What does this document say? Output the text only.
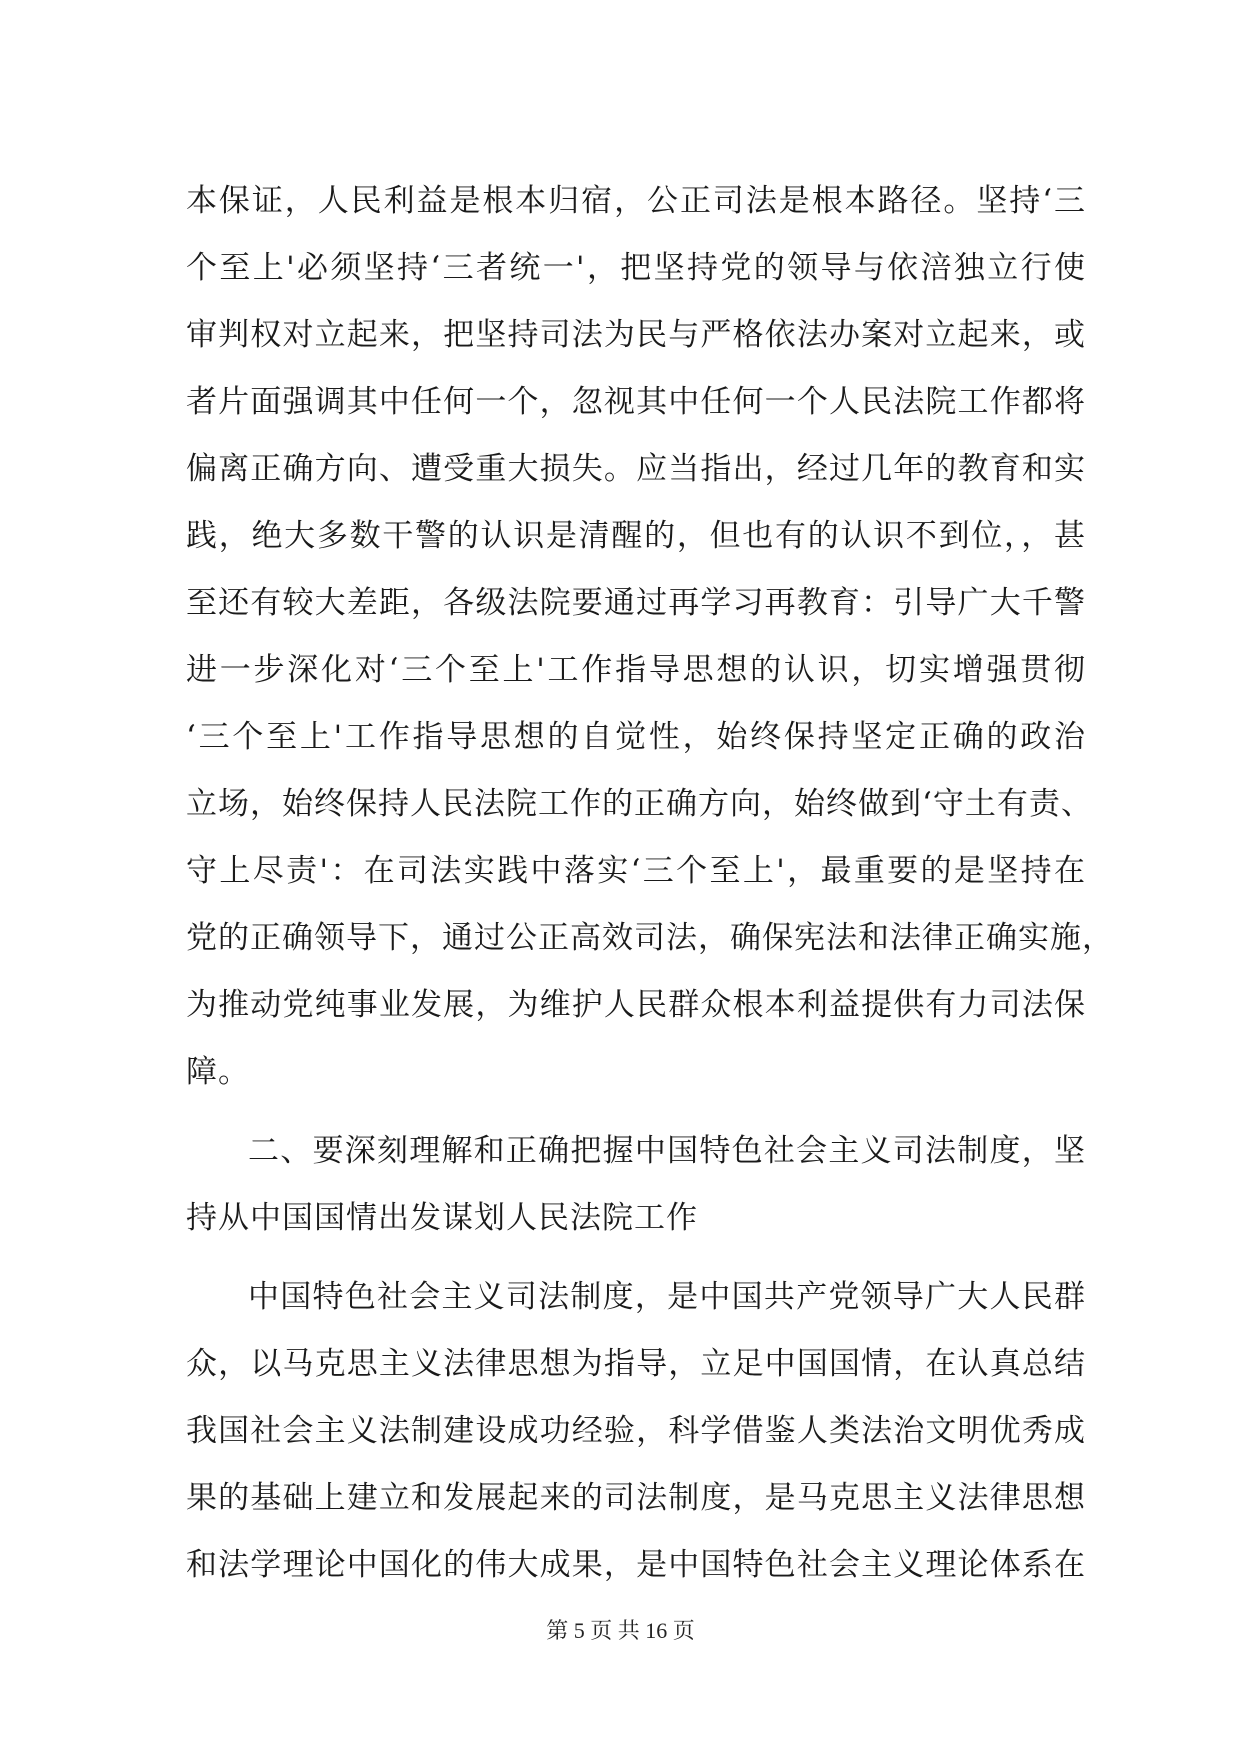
本保证，人民利益是根本归宿，公正司法是根本路径。坚持‘三
个至上'必须坚持‘三者统一'，把坚持党的领导与依涪独立行使
审判权对立起来，把坚持司法为民与严格依法办案对立起来，或
者片面强调其中任何一个，忽视其中任何一个人民法院工作都将
偏离正确方向、遭受重大损失。应当指出，经过几年的教育和实
践，绝大多数干警的认识是清醒的，但也有的认识不到位，，甚
至还有较大差距，各级法院要通过再学习再教育：引导广大千警
进一步深化对‘三个至上'工作指导思想的认识，切实增强贯彻
‘三个至上'工作指导思想的自觉性，始终保持坚定正确的政治
立场，始终保持人民法院工作的正确方向，始终做到‘守土有责、
守上尽责'：在司法实践中落实‘三个至上'，最重要的是坚持在
党的正确领导下，通过公正高效司法，确保宪法和法律正确实施，
为推动党纯事业发展，为维护人民群众根本利益提供有力司法保
障。
二、要深刻理解和正确把握中国特色社会主义司法制度，坚
持从中国国情出发谋划人民法院工作
中国特色社会主义司法制度，是中国共产党领导广大人民群
众，以马克思主义法律思想为指导，立足中国国情，在认真总结
我国社会主义法制建设成功经验，科学借鉴人类法治文明优秀成
果的基础上建立和发展起来的司法制度，是马克思主义法律思想
和法学理论中国化的伟大成果，是中国特色社会主义理论体系在
第 5 页 共 16 页
